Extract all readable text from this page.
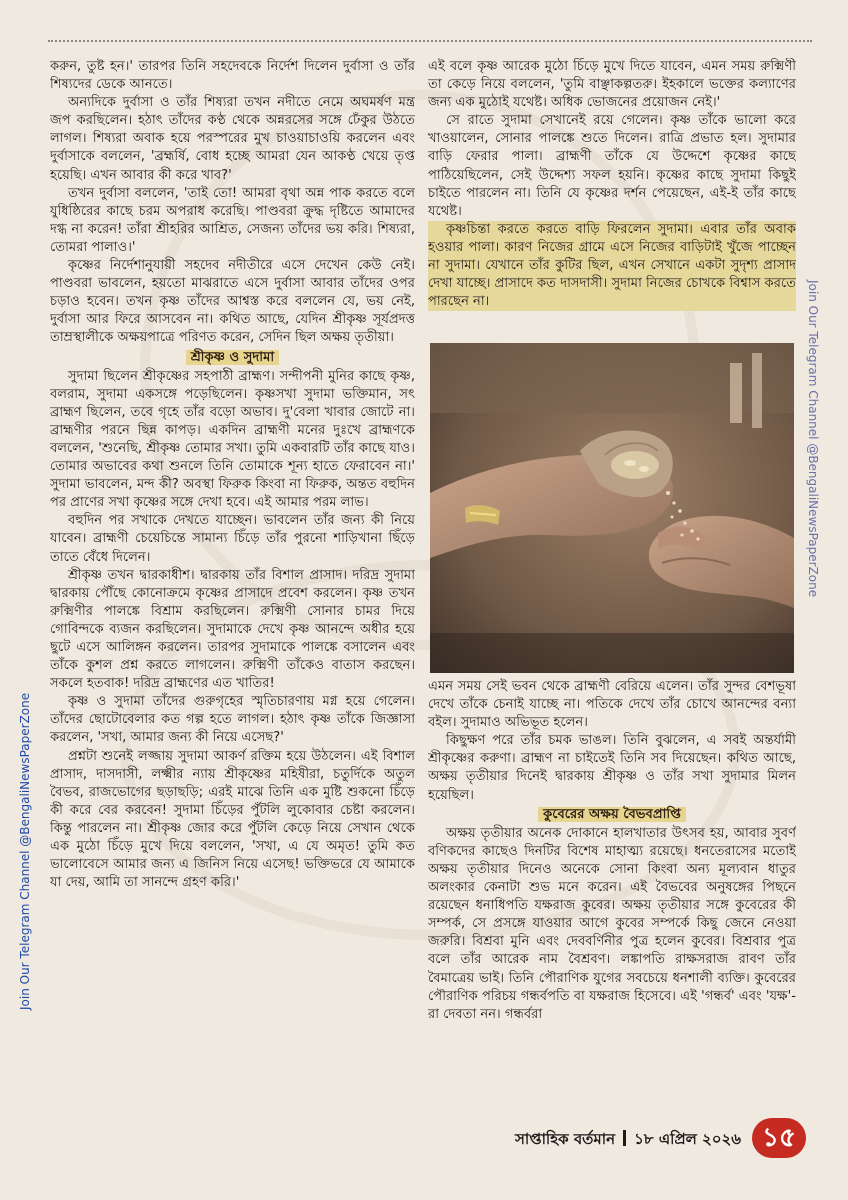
করুন, তুষ্ট হন।' তারপর তিনি সহদেবকে নির্দেশ দিলেন দুর্বাসা ও তাঁর শিষ্যদের ডেকে আনতে।

অন্যদিকে দুর্বাসা ও তাঁর শিষ্যরা তখন নদীতে নেমে অঘমর্ষণ মন্ত্র জপ করছিলেন। হঠাৎ তাঁদের কণ্ঠ থেকে অন্নরসের সঙ্গে ঢেঁকুর উঠতে লাগল। শিষ্যরা অবাক হয়ে পরস্পরের মুখ চাওয়াচাওয়ি করলেন এবং দুর্বাসাকে বললেন, 'ব্রহ্মর্ষি, বোধ হচ্ছে আমরা যেন আকণ্ঠ খেয়ে তৃপ্ত হয়েছি। এখন আবার কী করে খাব?'

তখন দুর্বাসা বললেন, 'তাই তো! আমরা বৃথা অন্ন পাক করতে বলে যুধিষ্ঠিরের কাছে চরম অপরাধ করেছি। পাণ্ডবরা ক্রুদ্ধ দৃষ্টিতে আমাদের দগ্ধ না করেন! তাঁরা শ্রীহরির আশ্রিত, সেজন্য তাঁদের ভয় করি। শিষ্যরা, তোমরা পালাও।'

কৃষ্ণের নির্দেশানুযায়ী সহদেব নদীতীরে এসে দেখেন কেউ নেই। পাণ্ডবরা ভাবলেন, হয়তো মাঝরাতে এসে দুর্বাসা আবার তাঁদের ওপর চড়াও হবেন। তখন কৃষ্ণ তাঁদের আশ্বস্ত করে বললেন যে, ভয় নেই, দুর্বাসা আর ফিরে আসবেন না। কথিত আছে, যেদিন শ্রীকৃষ্ণ সূর্যপ্রদত্ত তাম্রস্থালীকে অক্ষয়পাত্রে পরিণত করেন, সেদিন ছিল অক্ষয় তৃতীয়া।

শ্রীকৃষ্ণ ও সুদামা

সুদামা ছিলেন শ্রীকৃষ্ণের সহপাঠী ব্রাহ্মণ। সন্দীপনী মুনির কাছে কৃষ্ণ, বলরাম, সুদামা একসঙ্গে পড়েছিলেন। কৃষ্ণসখা সুদামা ভক্তিমান, সৎ ব্রাহ্মণ ছিলেন, তবে গৃহে তাঁর বড়ো অভাব। দু'বেলা খাবার জোটে না। ব্রাহ্মণীর পরনে ছিন্ন কাপড়। একদিন ব্রাহ্মণী মনের দুঃখে ব্রাহ্মণকে বললেন, 'শুনেছি, শ্রীকৃষ্ণ তোমার সখা। তুমি একবারটি তাঁর কাছে যাও। তোমার অভাবের কথা শুনলে তিনি তোমাকে শূন্য হাতে ফেরাবেন না।' সুদামা ভাবলেন, মন্দ কী? অবস্থা ফিরুক কিংবা না ফিরুক, অন্তত বহুদিন পর প্রাণের সখা কৃষ্ণের সঙ্গে দেখা হবে। এই আমার পরম লাভ।

বহুদিন পর সখাকে দেখতে যাচ্ছেন। ভাবলেন তাঁর জন্য কী নিয়ে যাবেন। ব্রাহ্মণী চেয়েচিন্তে সামান্য চিঁড়ে তাঁর পুরনো শাড়িখানা ছিঁড়ে তাতে বেঁধে দিলেন।

শ্রীকৃষ্ণ তখন দ্বারকাধীশ। দ্বারকায় তাঁর বিশাল প্রাসাদ। দরিদ্র সুদামা দ্বারকায় পৌঁছে কোনোক্রমে কৃষ্ণের প্রাসাদে প্রবেশ করলেন। কৃষ্ণ তখন রুক্মিণীর পালঙ্কে বিশ্রাম করছিলেন। রুক্মিণী সোনার চামর দিয়ে গোবিন্দকে ব্যজন করছিলেন। সুদামাকে দেখে কৃষ্ণ আনন্দে অধীর হয়ে ছুটে এসে আলিঙ্গন করলেন। তারপর সুদামাকে পালঙ্কে বসালেন এবং তাঁকে কুশল প্রশ্ন করতে লাগলেন। রুক্মিণী তাঁকেও বাতাস করছেন। সকলে হতবাক! দরিদ্র ব্রাহ্মণের এত খাতির!

কৃষ্ণ ও সুদামা তাঁদের গুরুগৃহের স্মৃতিচারণায় মগ্ন হয়ে গেলেন। তাঁদের ছোটোবেলার কত গল্প হতে লাগল। হঠাৎ কৃষ্ণ তাঁকে জিজ্ঞাসা করলেন, 'সখা, আমার জন্য কী নিয়ে এসেছ?'

প্রশ্নটা শুনেই লজ্জায় সুদামা আকর্ণ রক্তিম হয়ে উঠলেন। এই বিশাল প্রাসাদ, দাসদাসী, লক্ষ্মীর ন্যায় শ্রীকৃষ্ণের মহিষীরা, চতুর্দিকে অতুল বৈভব, রাজভোগের ছড়াছড়ি; এরই মাঝে তিনি এক মুষ্টি শুকনো চিঁড়ে কী করে বের করবেন! সুদামা চিঁড়ের পুঁটলি লুকোবার চেষ্টা করলেন। কিন্তু পারলেন না। শ্রীকৃষ্ণ জোর করে পুঁটলি কেড়ে নিয়ে সেখান থেকে এক মুঠো চিঁড়ে মুখে দিয়ে বললেন, 'সখা, এ যে অমৃত! তুমি কত ভালোবেসে আমার জন্য এ জিনিস নিয়ে এসেছ! ভক্তিভরে যে আমাকে যা দেয়, আমি তা সানন্দে গ্রহণ করি।'

এই বলে কৃষ্ণ আরেক মুঠো চিঁড়ে মুখে দিতে যাবেন, এমন সময় রুক্মিণী তা কেড়ে নিয়ে বললেন, 'তুমি বাঞ্ছাকল্পতরু। ইহকালে ভক্তের কল্যাণের জন্য এক মুঠোই যথেষ্ট। অধিক ভোজনের প্রয়োজন নেই।'

সে রাতে সুদামা সেখানেই রয়ে গেলেন। কৃষ্ণ তাঁকে ভালো করে খাওয়ালেন, সোনার পালঙ্কে শুতে দিলেন। রাত্রি প্রভাত হল। সুদামার বাড়ি ফেরার পালা। ব্রাহ্মণী তাঁকে যে উদ্দেশে কৃষ্ণের কাছে পাঠিয়েছিলেন, সেই উদ্দেশ্য সফল হয়নি। কৃষ্ণের কাছে সুদামা কিছুই চাইতে পারলেন না। তিনি যে কৃষ্ণের দর্শন পেয়েছেন, এই-ই তাঁর কাছে যথেষ্ট।

কৃষ্ণচিন্তা করতে করতে বাড়ি ফিরলেন সুদামা। এবার তাঁর অবাক হওয়ার পালা। কারণ নিজের গ্রামে এসে নিজের বাড়িটাই খুঁজে পাচ্ছেন না সুদামা। যেখানে তাঁর কুটির ছিল, এখন সেখানে একটা সুদৃশ্য প্রাসাদ দেখা যাচ্ছে। প্রাসাদে কত দাসদাসী। সুদামা নিজের চোখকে বিশ্বাস করতে পারছেন না।

এমন সময় সেই ভবন থেকে ব্রাহ্মণী বেরিয়ে এলেন। তাঁর সুন্দর বেশভূষা দেখে তাঁকে চেনাই যাচ্ছে না। পতিকে দেখে তাঁর চোখে আনন্দের বন্যা বইল। সুদামাও অভিভূত হলেন।

কিছুক্ষণ পরে তাঁর চমক ভাঙল। তিনি বুঝলেন, এ সবই অন্তর্যামী শ্রীকৃষ্ণের করুণা। ব্রাহ্মণ না চাইতেই তিনি সব দিয়েছেন। কথিত আছে, অক্ষয় তৃতীয়ার দিনেই দ্বারকায় শ্রীকৃষ্ণ ও তাঁর সখা সুদামার মিলন হয়েছিল।

কুবেরের অক্ষয় বৈভবপ্রাপ্তি

অক্ষয় তৃতীয়ার অনেক দোকানে হালখাতার উৎসব হয়, আবার সুবর্ণ বণিকদের কাছেও দিনটির বিশেষ মাহাত্ম্য রয়েছে। ধনতেরাসের মতোই অক্ষয় তৃতীয়ার দিনেও অনেকে সোনা কিংবা অন্য মূল্যবান ধাতুর অলংকার কেনাটা শুভ মনে করেন। এই বৈভবের অনুষঙ্গের পিছনে রয়েছেন ধনাধিপতি যক্ষরাজ কুবের। অক্ষয় তৃতীয়ার সঙ্গে কুবেরের কী সম্পর্ক, সে প্রসঙ্গে যাওয়ার আগে কুবের সম্পর্কে কিছু জেনে নেওয়া জরুরি। বিশ্রবা মুনি এবং দেববর্ণিনীর পুত্র হলেন কুবের। বিশ্রবার পুত্র বলে তাঁর আরেক নাম বৈশ্রবণ। লঙ্কাপতি রাক্ষসরাজ রাবণ তাঁর বৈমাত্রেয় ভাই। তিনি পৌরাণিক যুগের সবচেয়ে ধনশালী ব্যক্তি। কুবেরের পৌরাণিক পরিচয় গন্ধর্বপতি বা যক্ষরাজ হিসেবে। এই 'গন্ধর্ব' এবং 'যক্ষ'-রা দেবতা নন। গন্ধর্বরা

Join Our Telegram Channel @BengaliNewsPaperZone
Join Our Telegram Channel @BengaliNewsPaperZone
সাপ্তাহিক বর্তমান ১৮ এপ্রিল ২০২৬ ১৫
